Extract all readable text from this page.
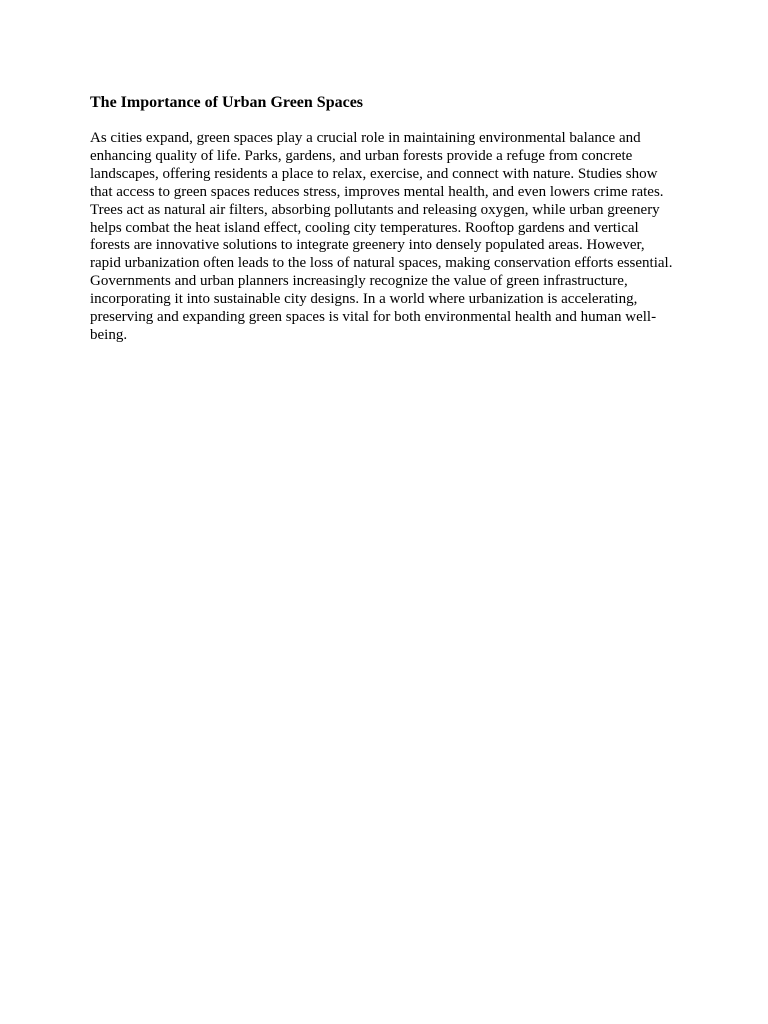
The Importance of Urban Green Spaces

As cities expand, green spaces play a crucial role in maintaining environmental balance and
enhancing quality of life. Parks, gardens, and urban forests provide a refuge from concrete
landscapes, offering residents a place to relax, exercise, and connect with nature. Studies show
that access to green spaces reduces stress, improves mental health, and even lowers crime rates.
Trees act as natural air filters, absorbing pollutants and releasing oxygen, while urban greenery
helps combat the heat island effect, cooling city temperatures. Rooftop gardens and vertical
forests are innovative solutions to integrate greenery into densely populated areas. However,
rapid urbanization often leads to the loss of natural spaces, making conservation efforts essential.
Governments and urban planners increasingly recognize the value of green infrastructure,
incorporating it into sustainable city designs. In a world where urbanization is accelerating,
preserving and expanding green spaces is vital for both environmental health and human well-
being.
